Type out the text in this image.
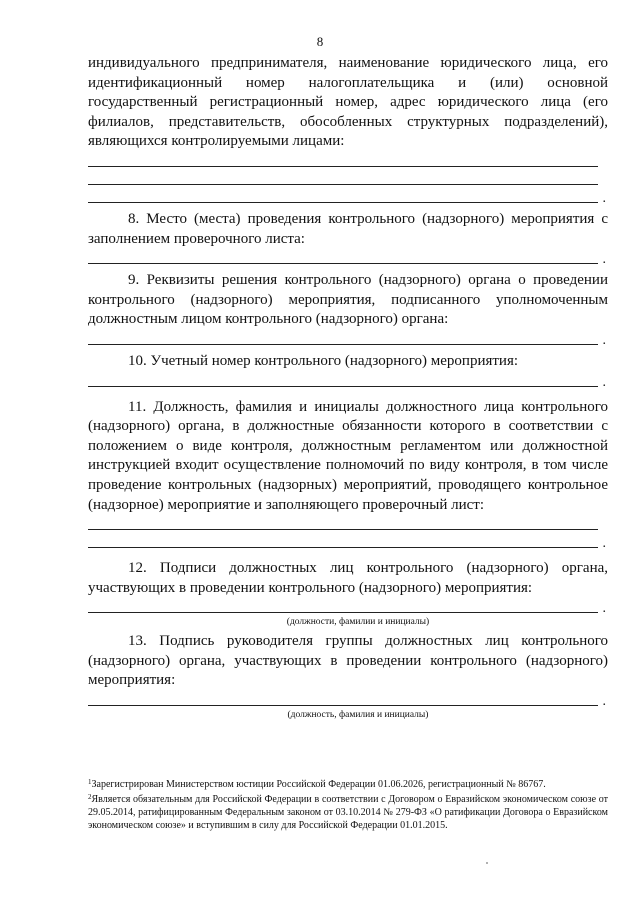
8

индивидуального предпринимателя, наименование юридического лица, его идентификационный номер налогоплательщика и (или) основной государственный регистрационный номер, адрес юридического лица (его филиалов, представительств, обособленных структурных подразделений), являющихся контролируемыми лицами:

.

8. Место (места) проведения контрольного (надзорного) мероприятия с заполнением проверочного листа:

.

9. Реквизиты решения контрольного (надзорного) органа о проведении контрольного (надзорного) мероприятия, подписанного уполномоченным должностным лицом контрольного (надзорного) органа:

.

10. Учетный номер контрольного (надзорного) мероприятия:

.

11. Должность, фамилия и инициалы должностного лица контрольного (надзорного) органа, в должностные обязанности которого в соответствии с положением о виде контроля, должностным регламентом или должностной инструкцией входит осуществление полномочий по виду контроля, в том числе проведение контрольных (надзорных) мероприятий, проводящего контрольное (надзорное) мероприятие и заполняющего проверочный лист:

.

12. Подписи должностных лиц контрольного (надзорного) органа, участвующих в проведении контрольного (надзорного) мероприятия:

.
(должности, фамилии и инициалы)

13. Подпись руководителя группы должностных лиц контрольного (надзорного) органа, участвующих в проведении контрольного (надзорного) мероприятия:

.
(должность, фамилия и инициалы)

$^1$Зарегистрирован Министерством юстиции Российской Федерации 01.06.2026, регистрационный № 86767.

$^2$Является обязательным для Российской Федерации в соответствии с Договором о Евразийском экономическом союзе от 29.05.2014, ратифицированным Федеральным законом от 03.10.2014 № 279-ФЗ «О ратификации Договора о Евразийском экономическом союзе» и вступившим в силу для Российской Федерации 01.01.2015.
